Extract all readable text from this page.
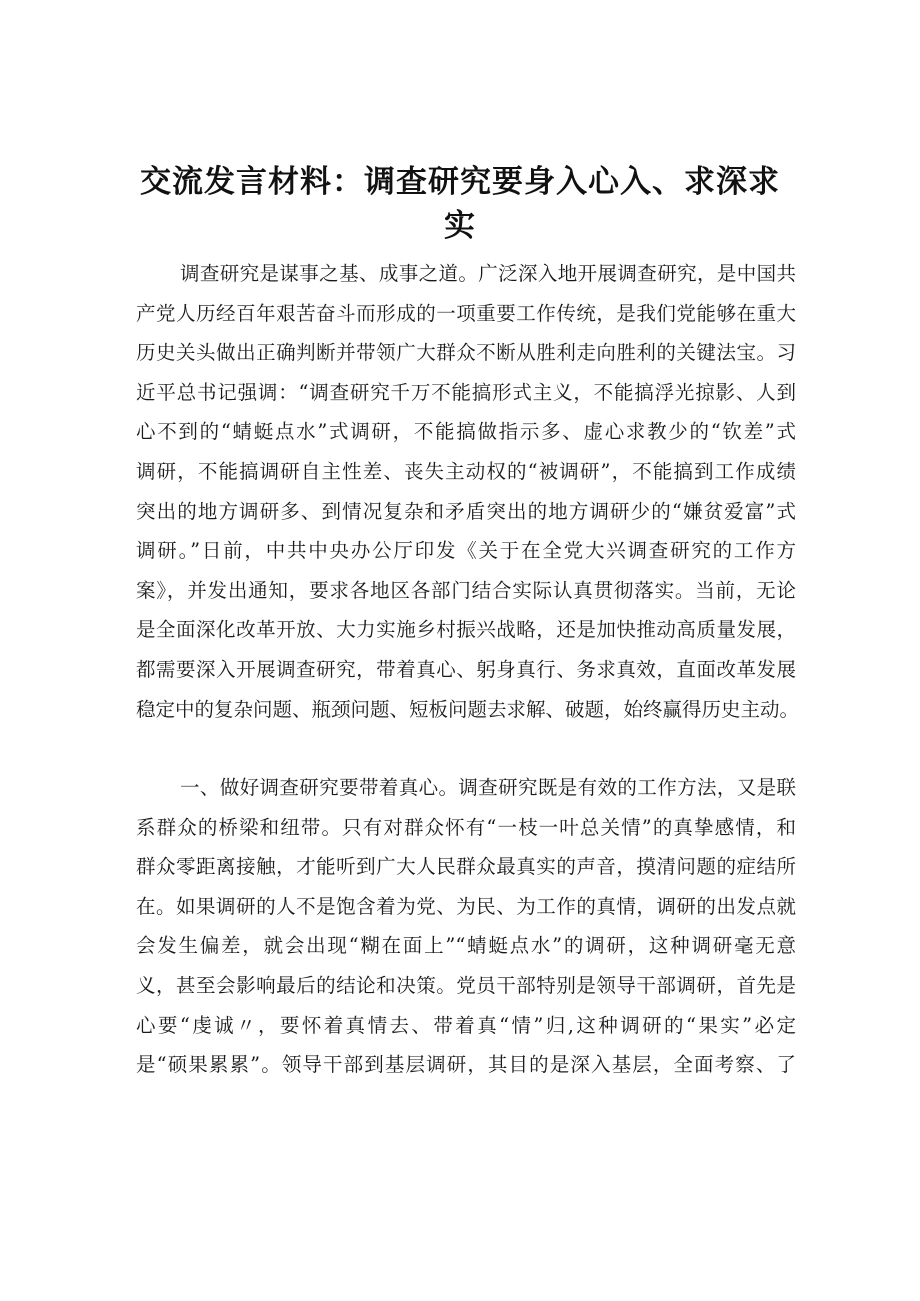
交流发言材料：调查研究要身入心入、求深求
实
调查研究是谋事之基、成事之道。广泛深入地开展调查研究，是中国共
产党人历经百年艰苦奋斗而形成的一项重要工作传统，是我们党能够在重大
历史关头做出正确判断并带领广大群众不断从胜利走向胜利的关键法宝。习
近平总书记强调：“调查研究千万不能搞形式主义，不能搞浮光掠影、人到
心不到的“蜻蜓点水”式调研，不能搞做指示多、虚心求教少的“钦差”式
调研，不能搞调研自主性差、丧失主动权的“被调研”，不能搞到工作成绩
突出的地方调研多、到情况复杂和矛盾突出的地方调研少的“嫌贫爱富”式
调研。”日前，中共中央办公厅印发《关于在全党大兴调查研究的工作方
案》，并发出通知，要求各地区各部门结合实际认真贯彻落实。当前，无论
是全面深化改革开放、大力实施乡村振兴战略，还是加快推动高质量发展，
都需要深入开展调查研究，带着真心、躬身真行、务求真效，直面改革发展
稳定中的复杂问题、瓶颈问题、短板问题去求解、破题，始终赢得历史主动。
一、做好调查研究要带着真心。调查研究既是有效的工作方法，又是联
系群众的桥梁和纽带。只有对群众怀有“一枝一叶总关情”的真挚感情，和
群众零距离接触，才能听到广大人民群众最真实的声音，摸清问题的症结所
在。如果调研的人不是饱含着为党、为民、为工作的真情，调研的出发点就
会发生偏差，就会出现“糊在面上”“蜻蜓点水”的调研，这种调研毫无意
义，甚至会影响最后的结论和决策。党员干部特别是领导干部调研，首先是
心要“虔诚〃，要怀着真情去、带着真“情”归,这种调研的“果实”必定
是“硕果累累”。领导干部到基层调研，其目的是深入基层，全面考察、了
